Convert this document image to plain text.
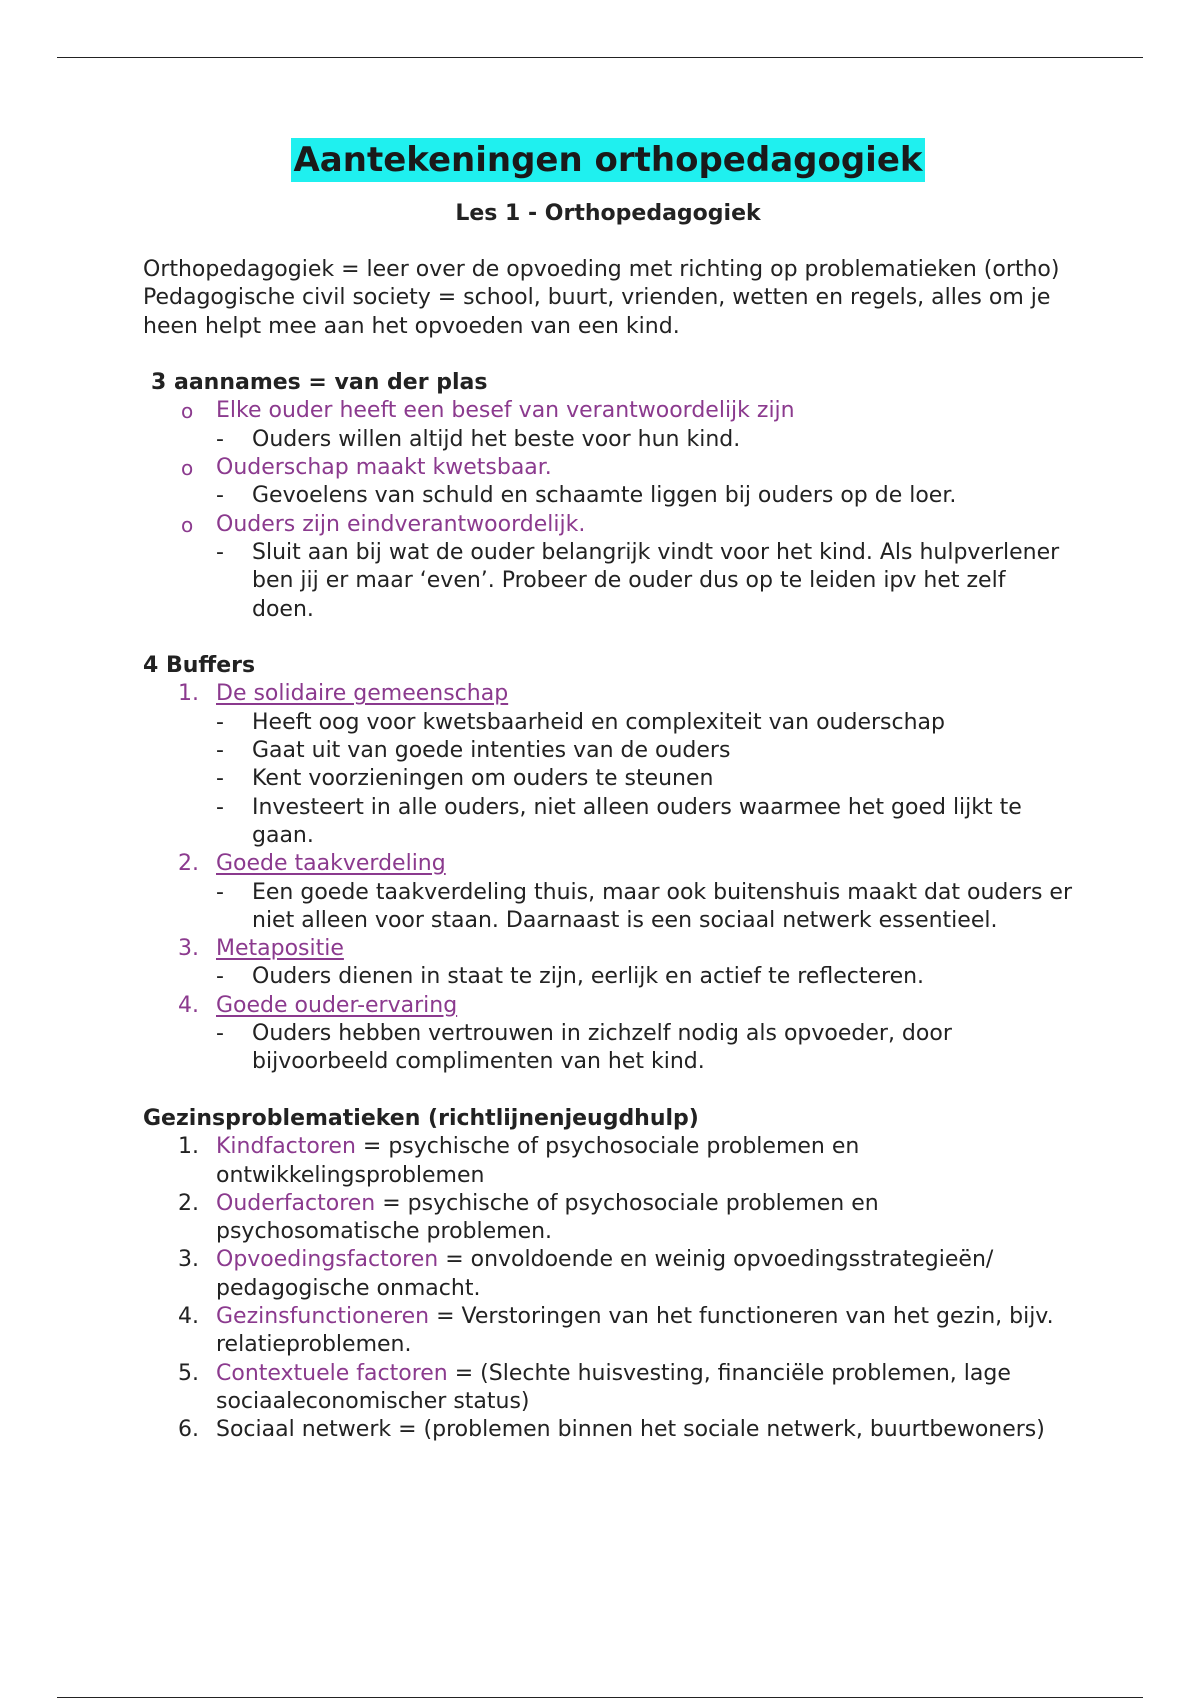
Aantekeningen orthopedagogiek
Les 1 - Orthopedagogiek

Orthopedagogiek = leer over de opvoeding met richting op problematieken (ortho)

Pedagogische civil society = school, buurt, vrienden, wetten en regels, alles om je heen helpt mee aan het opvoeden van een kind.

3 aannames = van der plas
o Elke ouder heeft een besef van verantwoordelijk zijn
- Ouders willen altijd het beste voor hun kind.
o Ouderschap maakt kwetsbaar.
- Gevoelens van schuld en schaamte liggen bij ouders op de loer.
o Ouders zijn eindverantwoordelijk.
- Sluit aan bij wat de ouder belangrijk vindt voor het kind. Als hulpverlener ben jij er maar ‘even’. Probeer de ouder dus op te leiden ipv het zelf doen.
4 Buffers
1. De solidaire gemeenschap
- Heeft oog voor kwetsbaarheid en complexiteit van ouderschap
- Gaat uit van goede intenties van de ouders
- Kent voorzieningen om ouders te steunen
- Investeert in alle ouders, niet alleen ouders waarmee het goed lijkt te gaan.
2. Goede taakverdeling
- Een goede taakverdeling thuis, maar ook buitenshuis maakt dat ouders er niet alleen voor staan. Daarnaast is een sociaal netwerk essentieel.
3. Metapositie
- Ouders dienen in staat te zijn, eerlijk en actief te reflecteren.
4. Goede ouder-ervaring
- Ouders hebben vertrouwen in zichzelf nodig als opvoeder, door bijvoorbeeld complimenten van het kind.
Gezinsproblematieken (richtlijnenjeugdhulp)
1. Kindfactoren = psychische of psychosociale problemen en ontwikkelingsproblemen
2. Ouderfactoren = psychische of psychosociale problemen en psychosomatische problemen.
3. Opvoedingsfactoren = onvoldoende en weinig opvoedingsstrategieën/ pedagogische onmacht.
4. Gezinsfunctioneren = Verstoringen van het functioneren van het gezin, bijv. relatieproblemen.
5. Contextuele factoren = (Slechte huisvesting, financiële problemen, lage sociaaleconomischer status)
6. Sociaal netwerk = (problemen binnen het sociale netwerk, buurtbewoners)
